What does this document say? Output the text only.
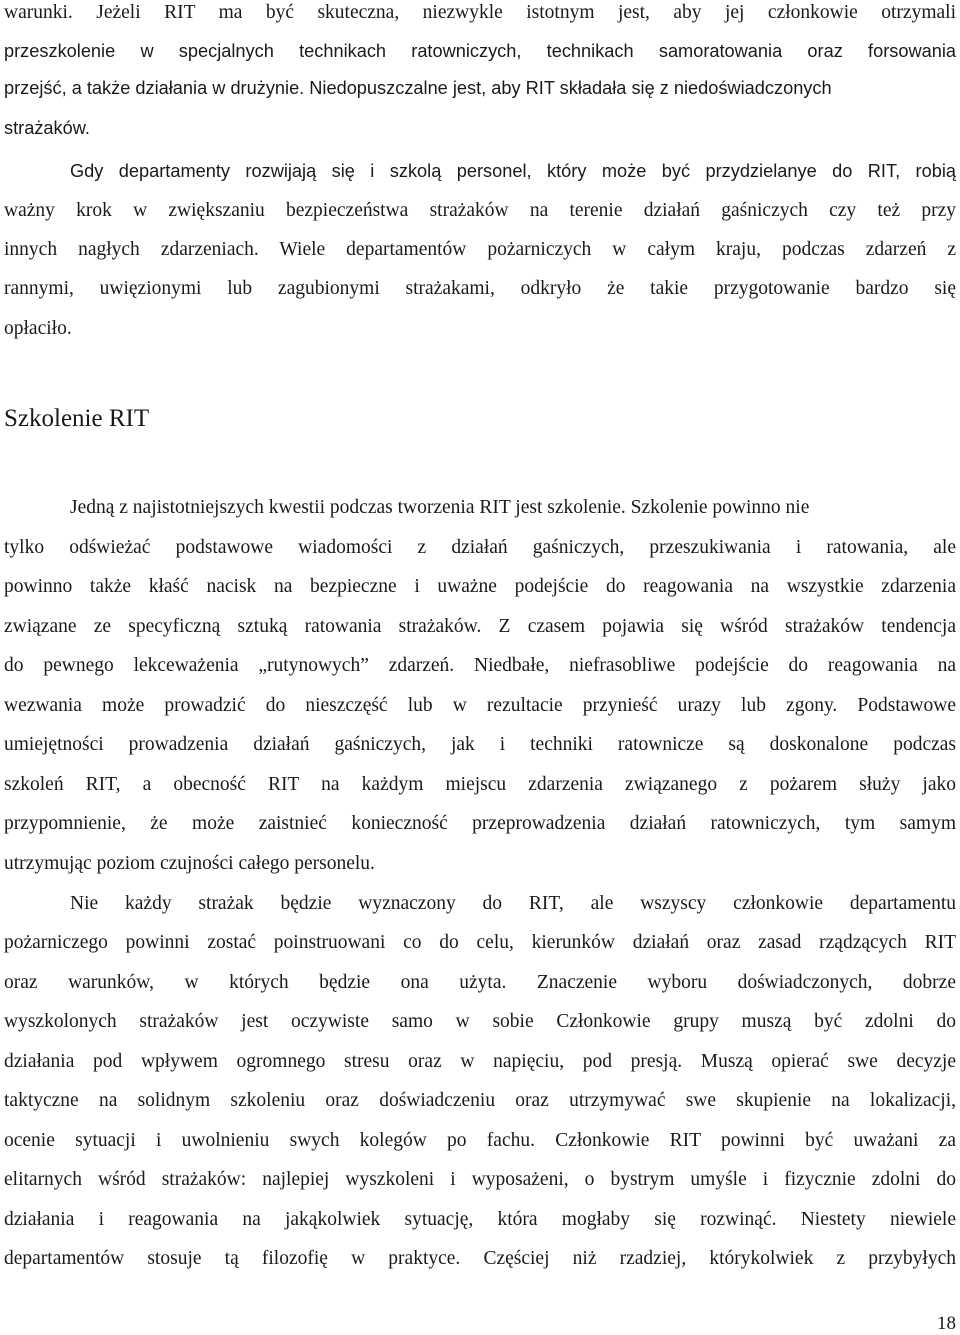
warunki. Jeżeli RIT ma być skuteczna, niezwykle istotnym jest, aby jej członkowie otrzymali

przeszkolenie w specjalnych technikach ratowniczych, technikach samoratowania oraz forsowania

przejść, a także działania w drużynie. Niedopuszczalne jest, aby RIT składała się z niedoświadczonych

strażaków.

Gdy departamenty rozwijają się i szkolą personel, który może być przydzielanye do RIT, robią

ważny krok w zwiększaniu bezpieczeństwa strażaków na terenie działań gaśniczych czy też przy

innych nagłych zdarzeniach. Wiele departamentów pożarniczych w całym kraju, podczas zdarzeń z

rannymi, uwięzionymi lub zagubionymi strażakami, odkryło że takie przygotowanie bardzo się

opłaciło.

Szkolenie RIT

Jedną z najistotniejszych kwestii podczas tworzenia RIT jest szkolenie. Szkolenie powinno nie

tylko odświeżać podstawowe wiadomości z działań gaśniczych, przeszukiwania i ratowania, ale

powinno także kłaść nacisk na bezpieczne i uważne podejście do reagowania na wszystkie zdarzenia

związane ze specyficzną sztuką ratowania strażaków. Z czasem pojawia się wśród strażaków tendencja

do pewnego lekceważenia „rutynowych” zdarzeń. Niedbałe, niefrasobliwe podejście do reagowania na

wezwania może prowadzić do nieszczęść lub w rezultacie przynieść urazy lub zgony. Podstawowe

umiejętności prowadzenia działań gaśniczych, jak i techniki ratownicze są doskonalone podczas

szkoleń RIT, a obecność RIT na każdym miejscu zdarzenia związanego z pożarem służy jako

przypomnienie, że może zaistnieć konieczność przeprowadzenia działań ratowniczych, tym samym

utrzymując poziom czujności całego personelu.

Nie każdy strażak będzie wyznaczony do RIT, ale wszyscy członkowie departamentu

pożarniczego powinni zostać poinstruowani co do celu, kierunków działań oraz zasad rządzących RIT

oraz warunków, w których będzie ona użyta. Znaczenie wyboru doświadczonych, dobrze

wyszkolonych strażaków jest oczywiste samo w sobie Członkowie grupy muszą być zdolni do

działania pod wpływem ogromnego stresu oraz w napięciu, pod presją. Muszą opierać swe decyzje

taktyczne na solidnym szkoleniu oraz doświadczeniu oraz utrzymywać swe skupienie na lokalizacji,

ocenie sytuacji i uwolnieniu swych kolegów po fachu. Członkowie RIT powinni być uważani za

elitarnych wśród strażaków: najlepiej wyszkoleni i wyposażeni, o bystrym umyśle i fizycznie zdolni do

działania i reagowania na jakąkolwiek sytuację, która mogłaby się rozwinąć. Niestety niewiele

departamentów stosuje tą filozofię w praktyce. Częściej niż rzadziej, którykolwiek z przybyłych

18
